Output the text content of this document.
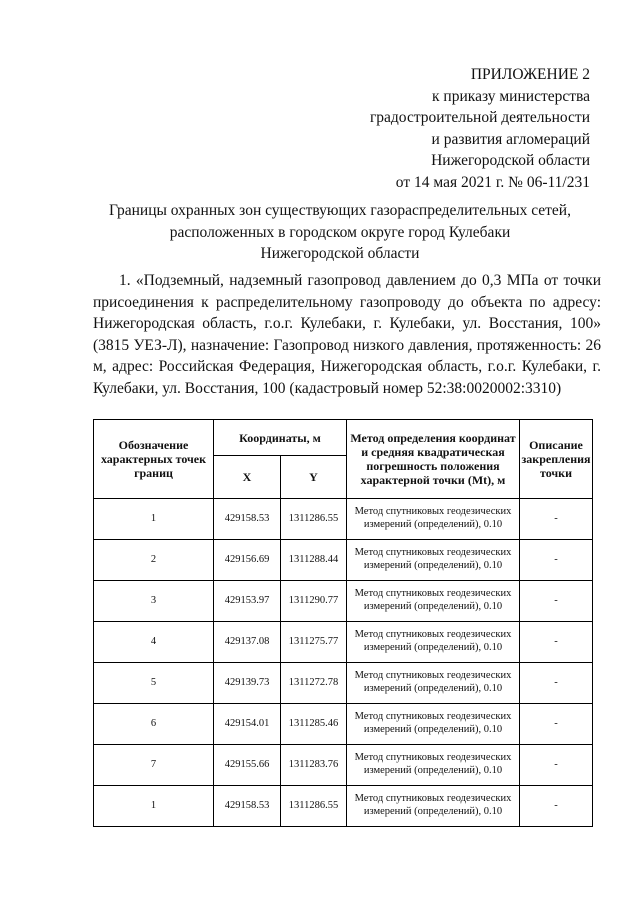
ПРИЛОЖЕНИЕ 2
к приказу министерства
градостроительной деятельности
и развития агломераций
Нижегородской области
от 14 мая 2021 г. № 06-11/231
Границы охранных зон существующих газораспределительных сетей,
расположенных в городском округе город Кулебаки
Нижегородской области
1. «Подземный, надземный газопровод давлением до 0,3 МПа от точки
присоединения к распределительному газопроводу до объекта по адресу:
Нижегородская область, г.о.г. Кулебаки, г. Кулебаки, ул. Восстания, 100»
(3815 УЕЗ-Л), назначение: Газопровод низкого давления, протяженность: 26
м, адрес: Российская Федерация, Нижегородская область, г.о.г. Кулебаки, г.
Кулебаки, ул. Восстания, 100 (кадастровый номер 52:38:0020002:3310)
Обозначение характерных точек границ	Координаты, м		Метод определения координат и средняя квадратическая погрешность положения характерной точки (Mt), м	Описание закрепления точки
	X	Y		
1	429158.53	1311286.55	Метод спутниковых геодезических измерений (определений), 0.10	-
2	429156.69	1311288.44	Метод спутниковых геодезических измерений (определений), 0.10	-
3	429153.97	1311290.77	Метод спутниковых геодезических измерений (определений), 0.10	-
4	429137.08	1311275.77	Метод спутниковых геодезических измерений (определений), 0.10	-
5	429139.73	1311272.78	Метод спутниковых геодезических измерений (определений), 0.10	-
6	429154.01	1311285.46	Метод спутниковых геодезических измерений (определений), 0.10	-
7	429155.66	1311283.76	Метод спутниковых геодезических измерений (определений), 0.10	-
1	429158.53	1311286.55	Метод спутниковых геодезических измерений (определений), 0.10	-
